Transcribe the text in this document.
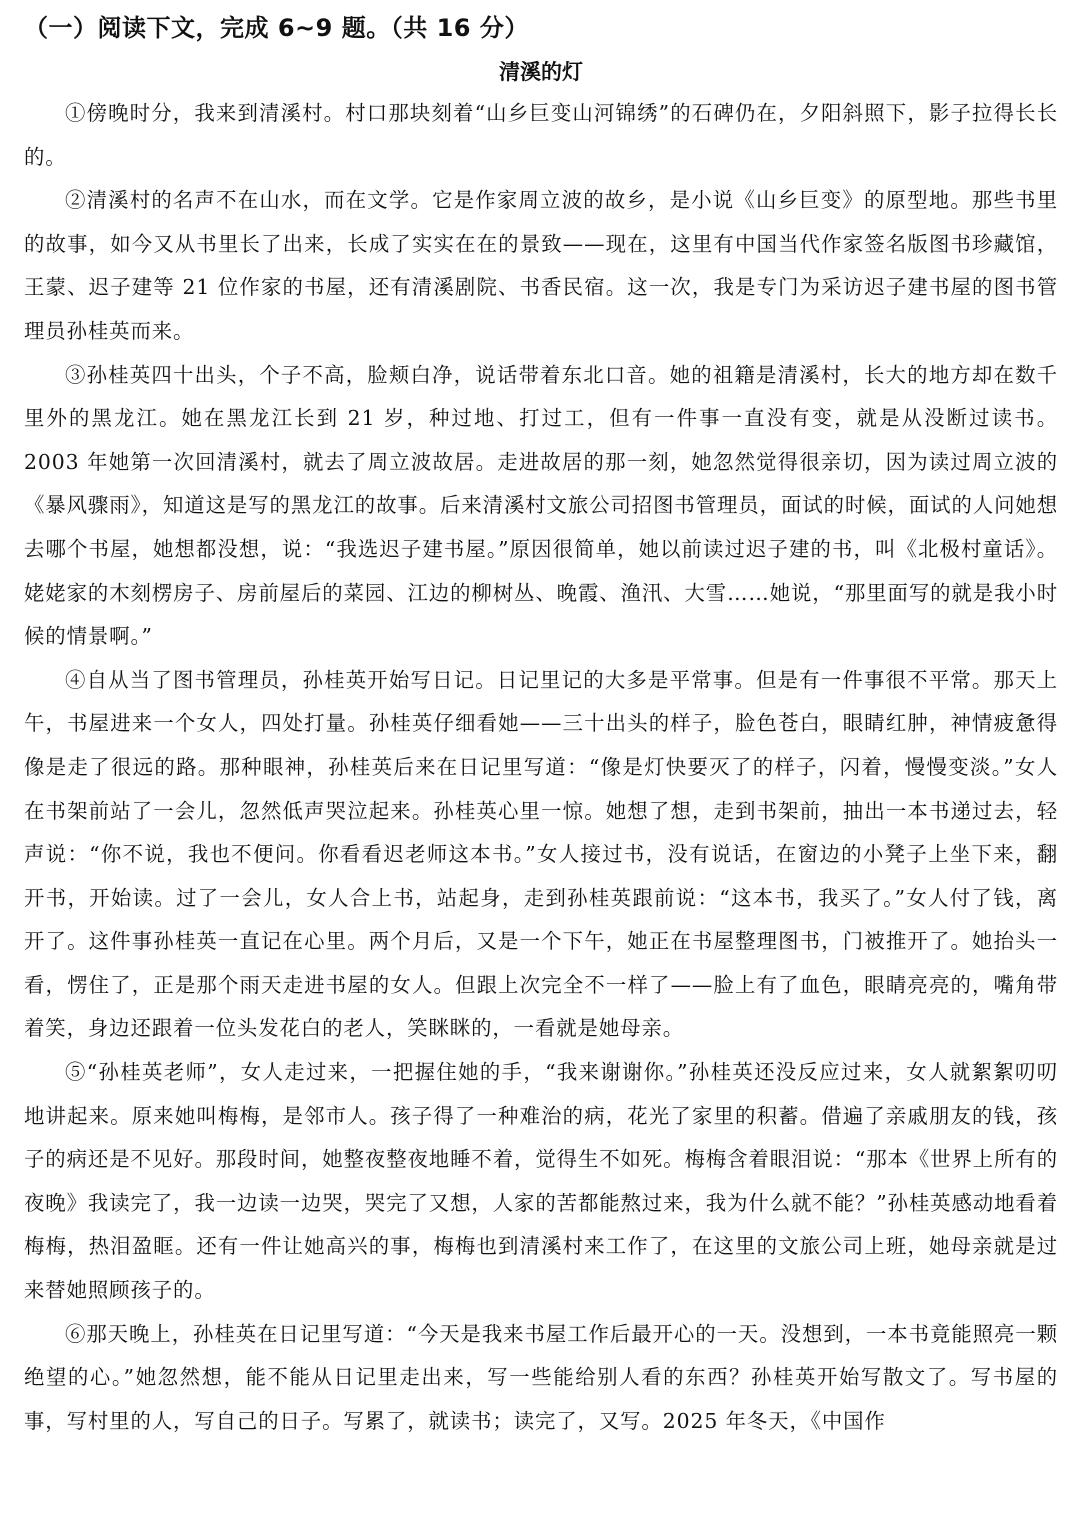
（一）阅读下文，完成 6~9 题。（共 16 分）
清溪的灯

①傍晚时分，我来到清溪村。村口那块刻着“山乡巨变山河锦绣”的石碑仍在，夕阳斜照下，影子拉得长长的。

②清溪村的名声不在山水，而在文学。它是作家周立波的故乡，是小说《山乡巨变》的原型地。那些书里的故事，如今又从书里长了出来，长成了实实在在的景致——现在，这里有中国当代作家签名版图书珍藏馆，王蒙、迟子建等 21 位作家的书屋，还有清溪剧院、书香民宿。这一次，我是专门为采访迟子建书屋的图书管理员孙桂英而来。

③孙桂英四十出头，个子不高，脸颊白净，说话带着东北口音。她的祖籍是清溪村，长大的地方却在数千里外的黑龙江。她在黑龙江长到 21 岁，种过地、打过工，但有一件事一直没有变，就是从没断过读书。2003 年她第一次回清溪村，就去了周立波故居。走进故居的那一刻，她忽然觉得很亲切，因为读过周立波的《暴风骤雨》，知道这是写的黑龙江的故事。后来清溪村文旅公司招图书管理员，面试的时候，面试的人问她想去哪个书屋，她想都没想，说：“我选迟子建书屋。”原因很简单，她以前读过迟子建的书，叫《北极村童话》。姥姥家的木刻楞房子、房前屋后的菜园、江边的柳树丛、晚霞、渔汛、大雪……她说，“那里面写的就是我小时候的情景啊。”

④自从当了图书管理员，孙桂英开始写日记。日记里记的大多是平常事。但是有一件事很不平常。那天上午，书屋进来一个女人，四处打量。孙桂英仔细看她——三十出头的样子，脸色苍白，眼睛红肿，神情疲惫得像是走了很远的路。那种眼神，孙桂英后来在日记里写道：“像是灯快要灭了的样子，闪着，慢慢变淡。”女人在书架前站了一会儿，忽然低声哭泣起来。孙桂英心里一惊。她想了想，走到书架前，抽出一本书递过去，轻声说：“你不说，我也不便问。你看看迟老师这本书。”女人接过书，没有说话，在窗边的小凳子上坐下来，翻开书，开始读。过了一会儿，女人合上书，站起身，走到孙桂英跟前说：“这本书，我买了。”女人付了钱，离开了。这件事孙桂英一直记在心里。两个月后，又是一个下午，她正在书屋整理图书，门被推开了。她抬头一看，愣住了，正是那个雨天走进书屋的女人。但跟上次完全不一样了——脸上有了血色，眼睛亮亮的，嘴角带着笑，身边还跟着一位头发花白的老人，笑眯眯的，一看就是她母亲。

⑤“孙桂英老师”，女人走过来，一把握住她的手，“我来谢谢你。”孙桂英还没反应过来，女人就絮絮叨叨地讲起来。原来她叫梅梅，是邻市人。孩子得了一种难治的病，花光了家里的积蓄。借遍了亲戚朋友的钱，孩子的病还是不见好。那段时间，她整夜整夜地睡不着，觉得生不如死。梅梅含着眼泪说：“那本《世界上所有的夜晚》我读完了，我一边读一边哭，哭完了又想，人家的苦都能熬过来，我为什么就不能？”孙桂英感动地看着梅梅，热泪盈眶。还有一件让她高兴的事，梅梅也到清溪村来工作了，在这里的文旅公司上班，她母亲就是过来替她照顾孩子的。

⑥那天晚上，孙桂英在日记里写道：“今天是我来书屋工作后最开心的一天。没想到，一本书竟能照亮一颗绝望的心。”她忽然想，能不能从日记里走出来，写一些能给别人看的东西？孙桂英开始写散文了。写书屋的事，写村里的人，写自己的日子。写累了，就读书；读完了，又写。2025 年冬天，《中国作
